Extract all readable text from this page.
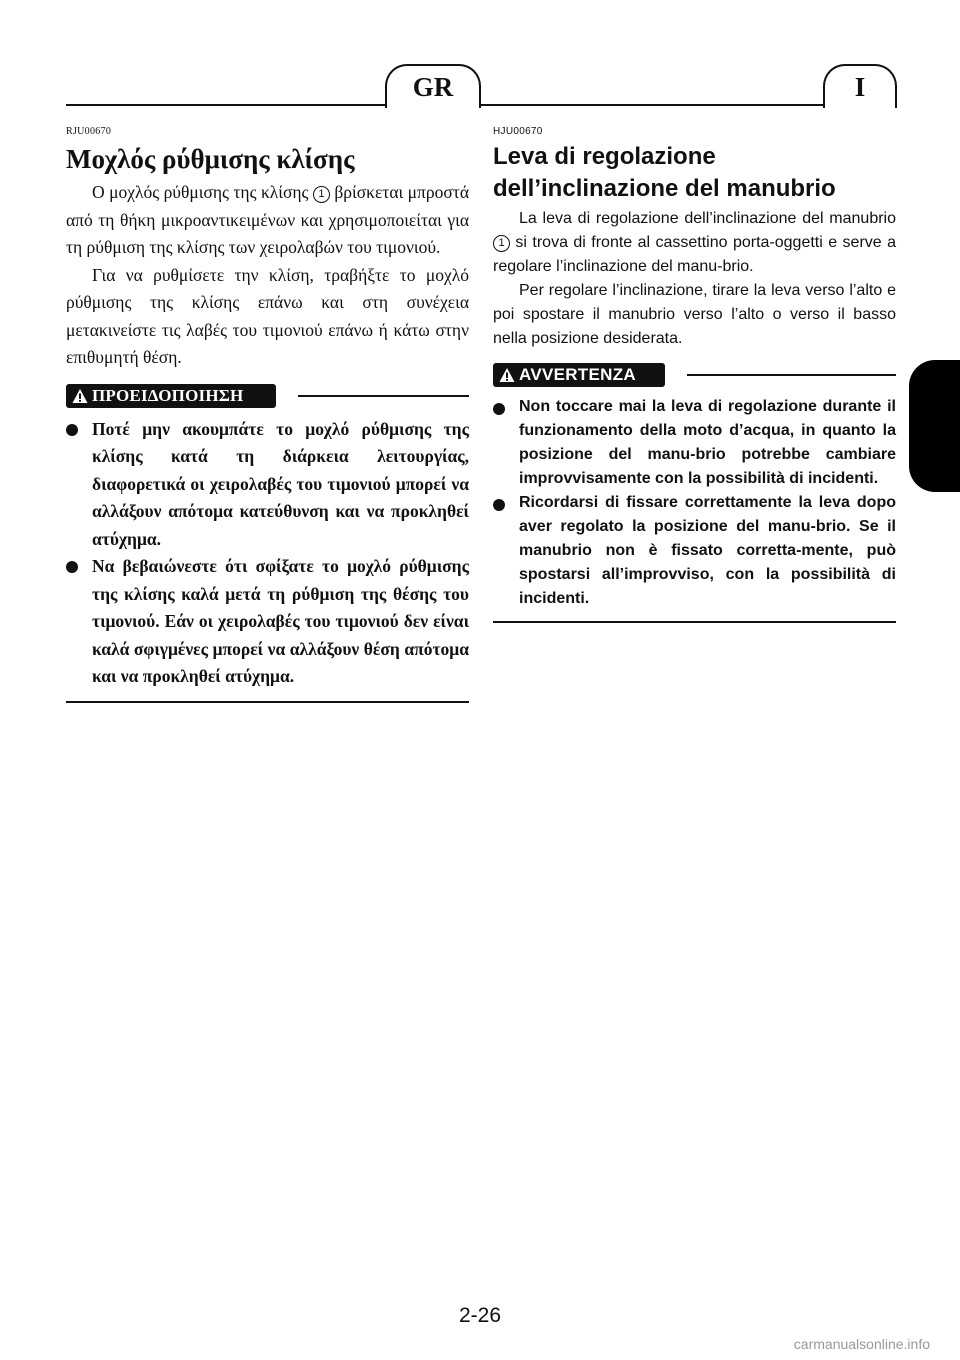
GR	I
RJU00670
Μοχλός ρύθμισης κλίσης

Ο μοχλός ρύθμισης της κλίσης 1 βρίσκεται μπροστά από τη θήκη μικροαντικειμένων και χρησιμοποιείται για τη ρύθμιση της κλίσης των χειρολαβών του τιμονιού.

Για να ρυθμίσετε την κλίση, τραβήξτε το μοχλό ρύθμισης της κλίσης επάνω και στη συνέχεια μετακινείστε τις λαβές του τιμονιού επάνω ή κάτω στην επιθυμητή θέση.

ΠΡΟΕΙΔΟΠΟΙΗΣΗ
Ποτέ μην ακουμπάτε το μοχλό ρύθμισης της κλίσης κατά τη διάρκεια λειτουργίας, διαφορετικά οι χειρολαβές του τιμονιού μπορεί να αλλάξουν απότομα κατεύθυνση και να προκληθεί ατύχημα.
Να βεβαιώνεστε ότι σφίξατε το μοχλό ρύθμισης της κλίσης καλά μετά τη ρύθμιση της θέσης του τιμονιού. Εάν οι χειρολαβές του τιμονιού δεν είναι καλά σφιγμένες μπορεί να αλλάξουν θέση απότομα και να προκληθεί ατύχημα.
HJU00670
Leva di regolazione
dell’inclinazione del manubrio

La leva di regolazione dell’inclinazione del manubrio 1 si trova di fronte al cassettino porta-oggetti e serve a regolare l’inclinazione del manu-brio.

Per regolare l’inclinazione, tirare la leva verso l’alto e poi spostare il manubrio verso l’alto o verso il basso nella posizione desiderata.

AVVERTENZA
Non toccare mai la leva di regolazione durante il funzionamento della moto d’acqua, in quanto la posizione del manu-brio potrebbe cambiare improvvisamente con la possibilità di incidenti.
Ricordarsi di fissare correttamente la leva dopo aver regolato la posizione del manu-brio. Se il manubrio non è fissato corretta-mente, può spostarsi all’improvviso, con la possibilità di incidenti.
2-26
carmanualsonline.info
